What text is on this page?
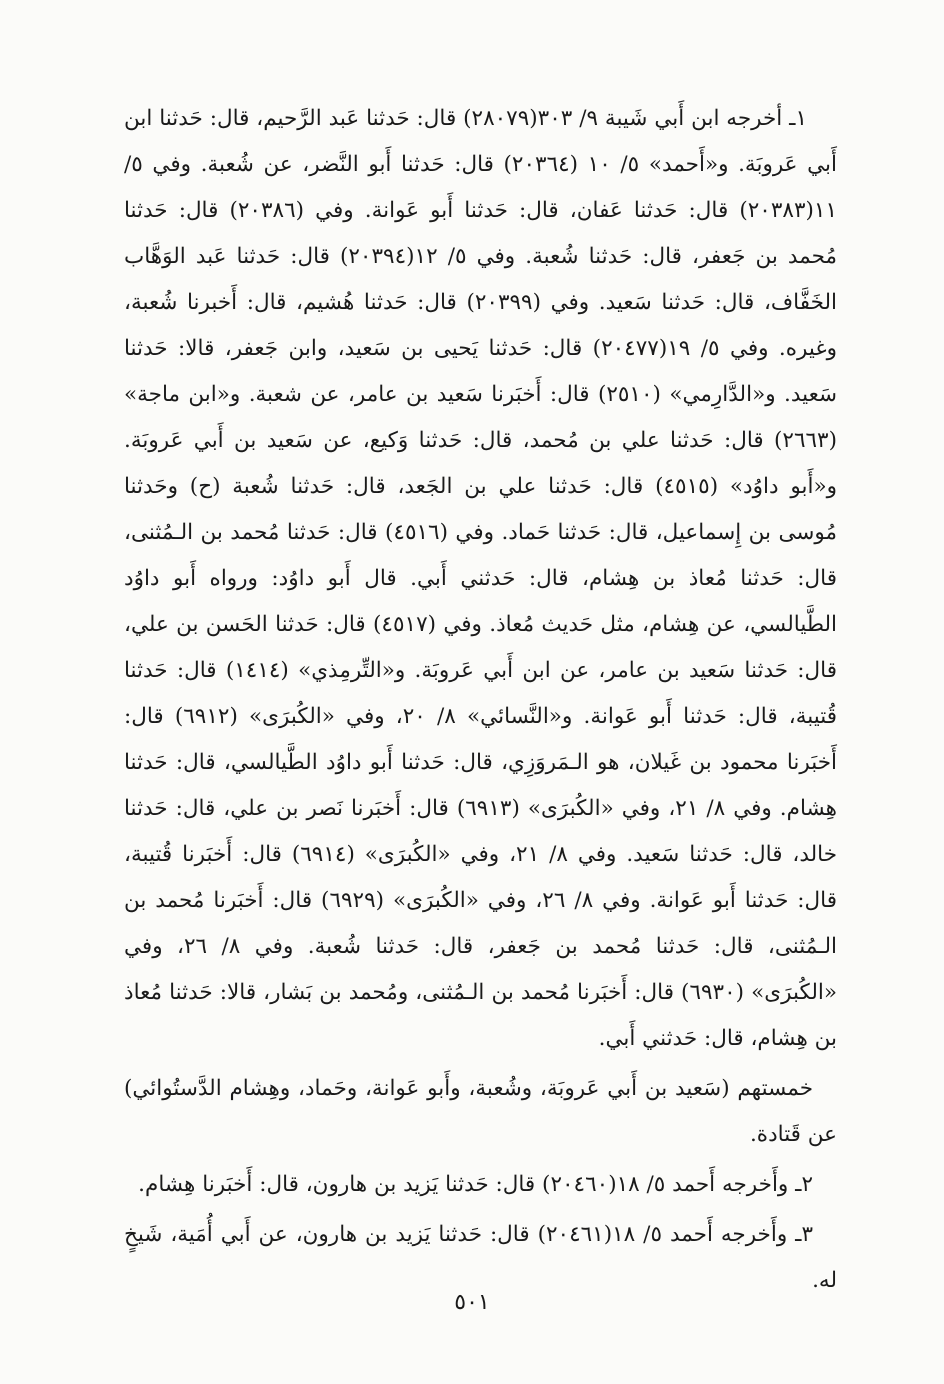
١ـ أخرجه ابن أَبي شَيبة ٩/ ٣٠٣(٢٨٠٧٩) قال: حَدثنا عَبد الرَّحيم، قال: حَدثنا ابن أَبي عَروبَة. و«أَحمد» ٥/ ١٠ (٢٠٣٦٤) قال: حَدثنا أَبو النَّضر، عن شُعبة. وفي ٥/ ١١(٢٠٣٨٣) قال: حَدثنا عَفان، قال: حَدثنا أَبو عَوانة. وفي (٢٠٣٨٦) قال: حَدثنا مُحمد بن جَعفر، قال: حَدثنا شُعبة. وفي ٥/ ١٢(٢٠٣٩٤) قال: حَدثنا عَبد الوَهَّاب الخَفَّاف، قال: حَدثنا سَعيد. وفي (٢٠٣٩٩) قال: حَدثنا هُشيم، قال: أَخبرنا شُعبة، وغيره. وفي ٥/ ١٩(٢٠٤٧٧) قال: حَدثنا يَحيى بن سَعيد، وابن جَعفر، قالا: حَدثنا سَعيد. و«الدَّارِمي» (٢٥١٠) قال: أَخبَرنا سَعيد بن عامر، عن شعبة. و«ابن ماجة» (٢٦٦٣) قال: حَدثنا علي بن مُحمد، قال: حَدثنا وَكيع، عن سَعيد بن أَبي عَروبَة. و«أَبو داوُد» (٤٥١٥) قال: حَدثنا علي بن الجَعد، قال: حَدثنا شُعبة (ح) وحَدثنا مُوسى بن إِسماعيل، قال: حَدثنا حَماد. وفي (٤٥١٦) قال: حَدثنا مُحمد بن الـمُثنى، قال: حَدثنا مُعاذ بن هِشام، قال: حَدثني أَبي. قال أَبو داوُد: ورواه أَبو داوُد الطَّيالسي، عن هِشام، مثل حَديث مُعاذ. وفي (٤٥١٧) قال: حَدثنا الحَسن بن علي، قال: حَدثنا سَعيد بن عامر، عن ابن أَبي عَروبَة. و«التِّرمِذي» (١٤١٤) قال: حَدثنا قُتيبة، قال: حَدثنا أَبو عَوانة. و«النَّسائي» ٨/ ٢٠، وفي «الكُبرَى» (٦٩١٢) قال: أَخبَرنا محمود بن غَيلان، هو الـمَروَزِي، قال: حَدثنا أَبو داوُد الطَّيالسي، قال: حَدثنا هِشام. وفي ٨/ ٢١، وفي «الكُبرَى» (٦٩١٣) قال: أَخبَرنا نَصر بن علي، قال: حَدثنا خالد، قال: حَدثنا سَعيد. وفي ٨/ ٢١، وفي «الكُبرَى» (٦٩١٤) قال: أَخبَرنا قُتيبة، قال: حَدثنا أَبو عَوانة. وفي ٨/ ٢٦، وفي «الكُبرَى» (٦٩٢٩) قال: أَخبَرنا مُحمد بن الـمُثنى، قال: حَدثنا مُحمد بن جَعفر، قال: حَدثنا شُعبة. وفي ٨/ ٢٦، وفي «الكُبرَى» (٦٩٣٠) قال: أَخبَرنا مُحمد بن الـمُثنى، ومُحمد بن بَشار، قالا: حَدثنا مُعاذ بن هِشام، قال: حَدثني أَبي.

خمستهم (سَعيد بن أَبي عَروبَة، وشُعبة، وأَبو عَوانة، وحَماد، وهِشام الدَّستُوائي) عن قَتادة.

٢ـ وأَخرجه أَحمد ٥/ ١٨(٢٠٤٦٠) قال: حَدثنا يَزيد بن هارون، قال: أَخبَرنا هِشام.

٣ـ وأَخرجه أَحمد ٥/ ١٨(٢٠٤٦١) قال: حَدثنا يَزيد بن هارون، عن أَبي أُمَية، شَيخٍ له.

٥٠١
